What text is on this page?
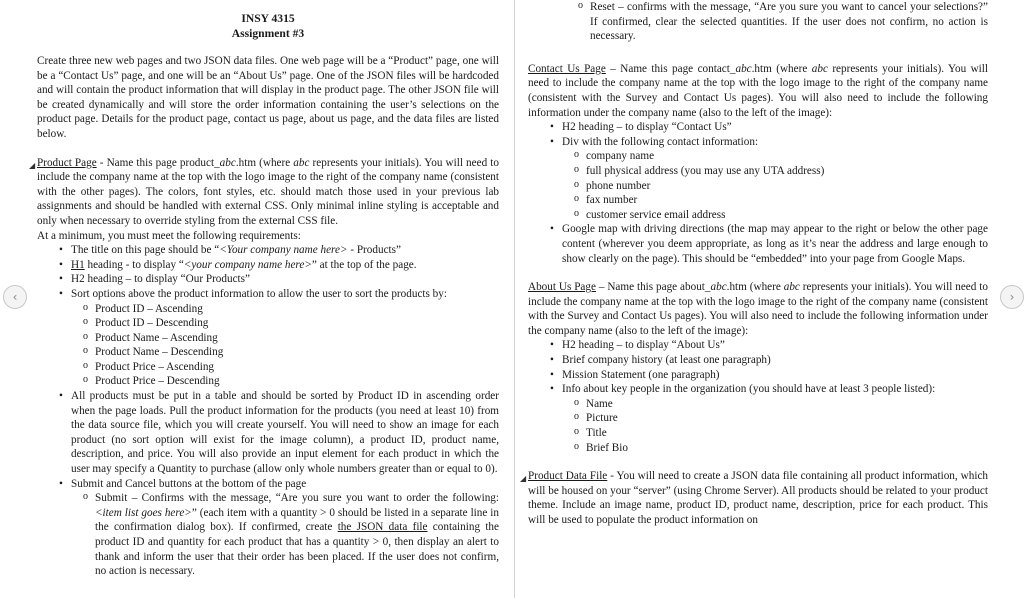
‹	›
INSY 4315
Assignment #3

Create three new web pages and two JSON data files. One web page will be a “Product” page, one will be a “Contact Us” page, and one will be an “About Us” page. One of the JSON files will be hardcoded and will contain the product information that will display in the product page. The other JSON file will be created dynamically and will store the order information containing the user’s selections on the product page. Details for the product page, contact us page, about us page, and the data files are listed below.

◢ Product Page - Name this page product_abc.htm (where abc represents your initials). You will need to include the company name at the top with the logo image to the right of the company name (consistent with the other pages). The colors, font styles, etc. should match those used in your previous lab assignments and should be handled with external CSS. Only minimal inline styling is acceptable and only when necessary to override styling from the external CSS file.

At a minimum, you must meet the following requirements:

• The title on this page should be “<Your company name here> - Products”
• H1 heading - to display “<your company name here>” at the top of the page.
• H2 heading – to display “Our Products”
• Sort options above the product information to allow the user to sort the products by:
o Product ID – Ascending
o Product ID – Descending
o Product Name – Ascending
o Product Name – Descending
o Product Price – Ascending
o Product Price – Descending

• All products must be put in a table and should be sorted by Product ID in ascending order when the page loads. Pull the product information for the products (you need at least 10) from the data source file, which you will create yourself. You will need to show an image for each product (no sort option will exist for the image column), a product ID, product name, description, and price. You will also provide an input element for each product in which the user may specify a Quantity to purchase (allow only whole numbers greater than or equal to 0).

• Submit and Cancel buttons at the bottom of the page

o Submit – Confirms with the message, “Are you sure you want to order the following: <item list goes here>” (each item with a quantity > 0 should be listed in a separate line in the confirmation dialog box). If confirmed, create the JSON data file containing the product ID and quantity for each product that has a quantity > 0, then display an alert to thank and inform the user that their order has been placed. If the user does not confirm, no action is necessary.

o Reset – confirms with the message, “Are you sure you want to cancel your selections?” If confirmed, clear the selected quantities. If the user does not confirm, no action is necessary.

Contact Us Page – Name this page contact_abc.htm (where abc represents your initials). You will need to include the company name at the top with the logo image to the right of the company name (consistent with the Survey and Contact Us pages). You will also need to include the following information under the company name (also to the left of the image):

• H2 heading – to display “Contact Us”
• Div with the following contact information:
o company name
o full physical address (you may use any UTA address)
o phone number
o fax number
o customer service email address

• Google map with driving directions (the map may appear to the right or below the other page content (wherever you deem appropriate, as long as it’s near the address and large enough to show clearly on the page). This should be “embedded” into your page from Google Maps.

About Us Page – Name this page about_abc.htm (where abc represents your initials). You will need to include the company name at the top with the logo image to the right of the company name (consistent with the Survey and Contact Us pages). You will also need to include the following information under the company name (also to the left of the image):

• H2 heading – to display “About Us”
• Brief company history (at least one paragraph)
• Mission Statement (one paragraph)
• Info about key people in the organization (you should have at least 3 people listed):
o Name
o Picture
o Title
o Brief Bio

◢ Product Data File - You will need to create a JSON data file containing all product information, which will be housed on your “server” (using Chrome Server). All products should be related to your product theme. Include an image name, product ID, product name, description, price for each product. This will be used to populate the product information on
